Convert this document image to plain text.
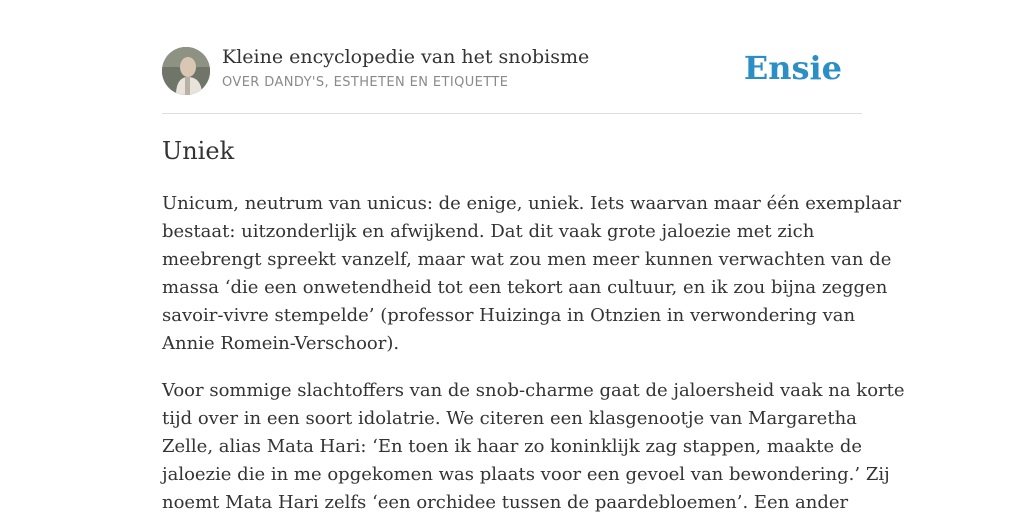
Kleine encyclopedie van het snobisme
OVER DANDY'S, ESTHETEN EN ETIQUETTE	Ensie
Uniek

Unicum, neutrum van unicus: de enige, uniek. Iets waarvan maar één exemplaar
bestaat: uitzonderlijk en afwijkend. Dat dit vaak grote jaloezie met zich
meebrengt spreekt vanzelf, maar wat zou men meer kunnen verwachten van de
massa ‘die een onwetendheid tot een tekort aan cultuur, en ik zou bijna zeggen
savoir-vivre stempelde’ (professor Huizinga in Otnzien in verwondering van
Annie Romein-Verschoor).

Voor sommige slachtoffers van de snob-charme gaat de jaloersheid vaak na korte
tijd over in een soort idolatrie. We citeren een klasgenootje van Margaretha
Zelle, alias Mata Hari: ‘En toen ik haar zo koninklijk zag stappen, maakte de
jaloezie die in me opgekomen was plaats voor een gevoel van bewondering.’ Zij
noemt Mata Hari zelfs ‘een orchidee tussen de paardebloemen’. Een ander
